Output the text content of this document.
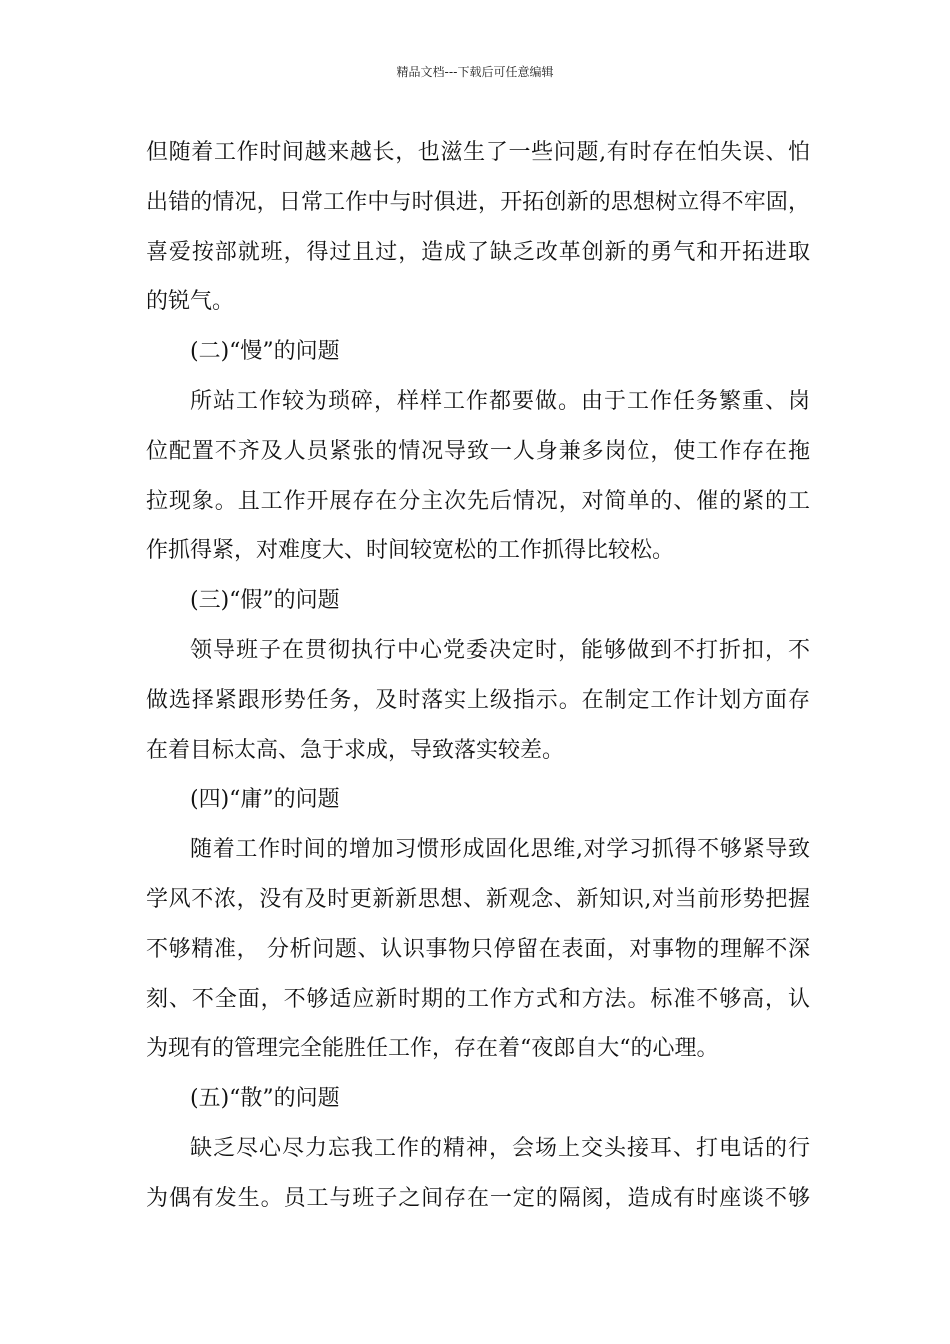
精品文档---下载后可任意编辑
但随着工作时间越来越长，也滋生了一些问题,有时存在怕失误、怕
出错的情况，日常工作中与时俱进，开拓创新的思想树立得不牢固，
喜爱按部就班，得过且过，造成了缺乏改革创新的勇气和开拓进取
的锐气。
(二)“慢”的问题
所站工作较为琐碎，样样工作都要做。由于工作任务繁重、岗
位配置不齐及人员紧张的情况导致一人身兼多岗位，使工作存在拖
拉现象。且工作开展存在分主次先后情况，对简单的、催的紧的工
作抓得紧，对难度大、时间较宽松的工作抓得比较松。
(三)“假”的问题
领导班子在贯彻执行中心党委决定时，能够做到不打折扣，不
做选择紧跟形势任务，及时落实上级指示。在制定工作计划方面存
在着目标太高、急于求成，导致落实较差。
(四)“庸”的问题
随着工作时间的增加习惯形成固化思维,对学习抓得不够紧导致
学风不浓，没有及时更新新思想、新观念、新知识,对当前形势把握
不够精准， 分析问题、认识事物只停留在表面，对事物的理解不深
刻、不全面，不够适应新时期的工作方式和方法。标准不够高，认
为现有的管理完全能胜任工作，存在着“夜郎自大“的心理。
(五)“散”的问题
缺乏尽心尽力忘我工作的精神，会场上交头接耳、打电话的行
为偶有发生。员工与班子之间存在一定的隔阂，造成有时座谈不够
